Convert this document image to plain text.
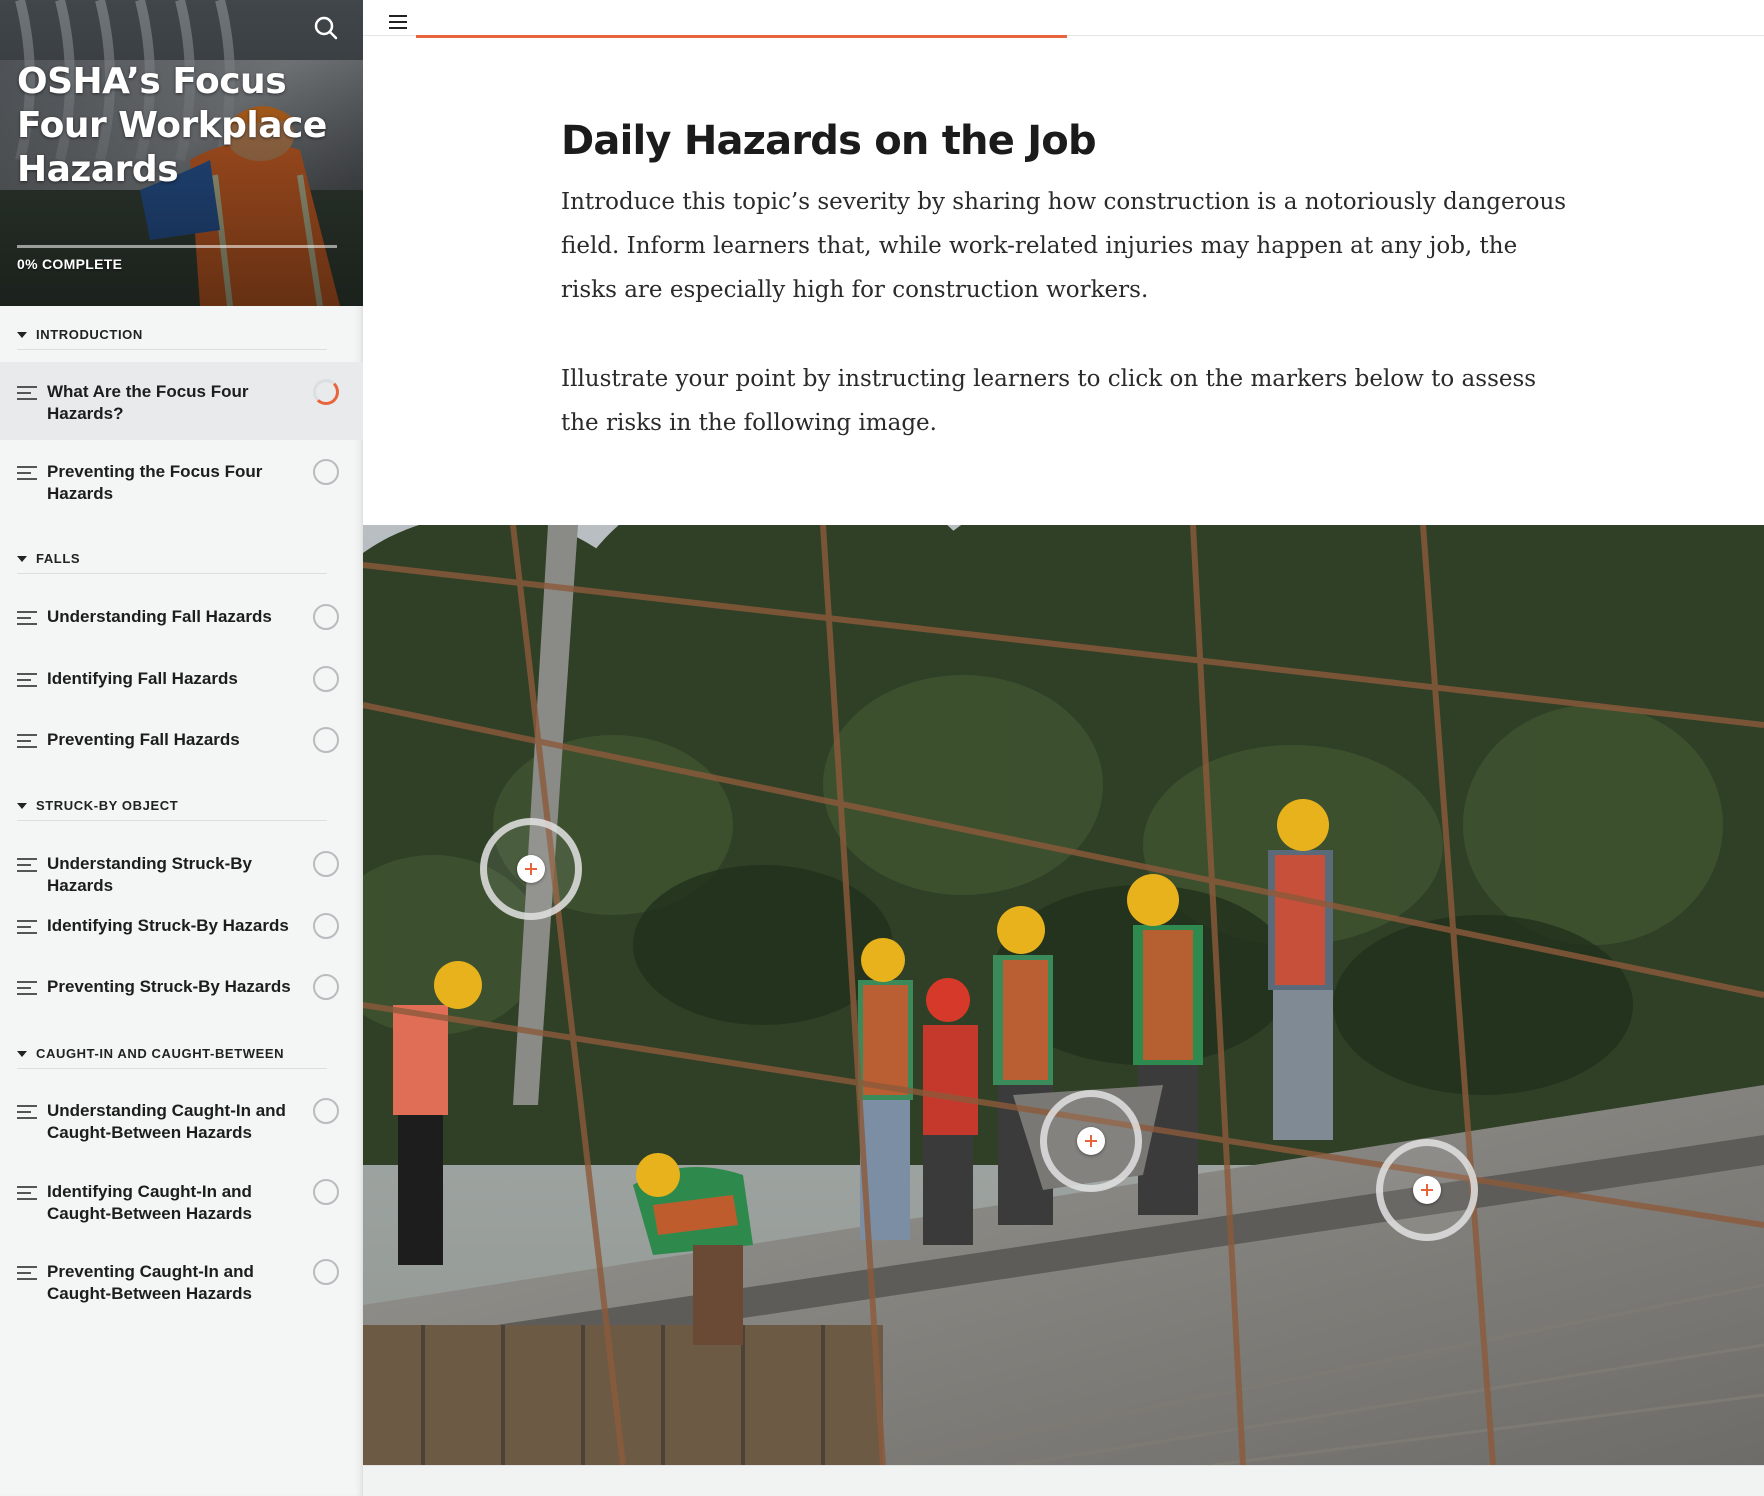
OSHA’s Focus Four Workplace Hazards
0% COMPLETE
INTRODUCTION
What Are the Focus Four Hazards?
Preventing the Focus Four Hazards
FALLS
Understanding Fall Hazards
Identifying Fall Hazards
Preventing Fall Hazards
STRUCK-BY OBJECT
Understanding Struck-By Hazards
Identifying Struck-By Hazards
Preventing Struck-By Hazards
CAUGHT-IN AND CAUGHT-BETWEEN
Understanding Caught-In and Caught-Between Hazards
Identifying Caught-In and Caught-Between Hazards
Preventing Caught-In and Caught-Between Hazards
Daily Hazards on the Job

Introduce this topic’s severity by sharing how construction is a notoriously dangerous field. Inform learners that, while work-related injuries may happen at any job, the risks are especially high for construction workers.

Illustrate your point by instructing learners to click on the markers below to assess the risks in the following image.
